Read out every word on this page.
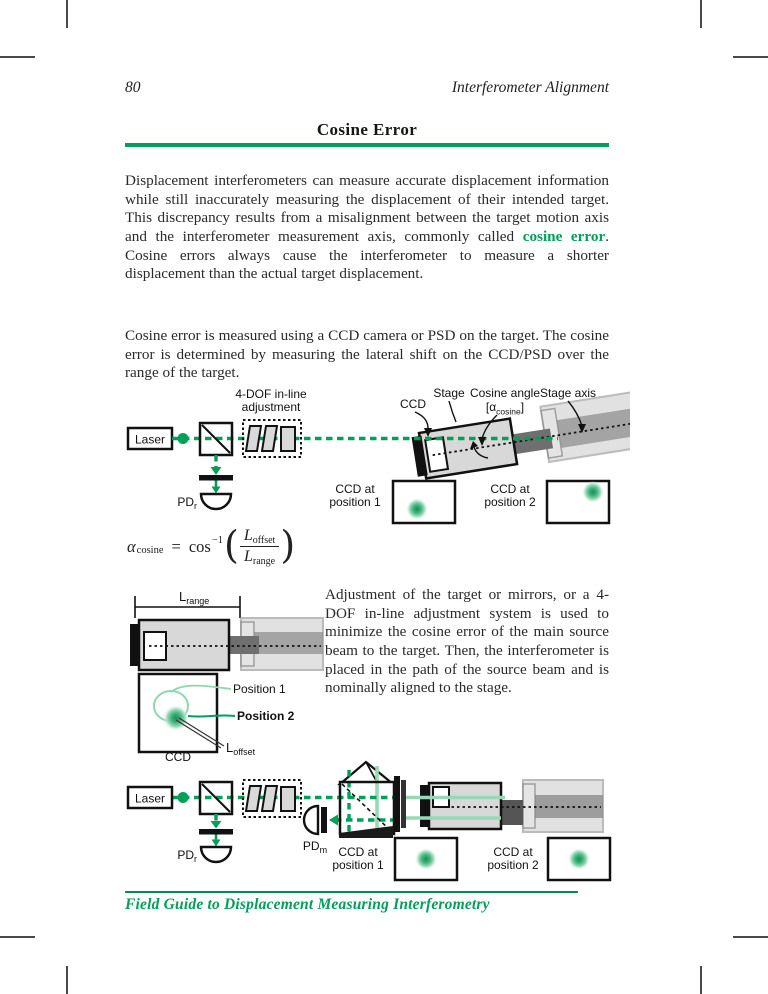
80	Interferometer Alignment
Cosine Error

Displacement interferometers can measure accurate displacement information while still inaccurately measuring the displacement of their intended target. This discrepancy results from a misalignment between the target motion axis and the interferometer measurement axis, commonly called cosine error. Cosine errors always cause the interferometer to measure a shorter displacement than the actual target displacement.

Cosine error is measured using a CCD camera or PSD on the target. The cosine error is determined by measuring the lateral shift on the CCD/PSD over the range of the target.

CCD at
position 1
CCD at
position 2
Laser
$PD_r$
4-DOF in-line
adjustment	CCD
Stage Cosine angle
$[\alpha_{cosine}]$
Stage axis
α cosine = cos −1 ( Loffset
Lrange )
$L_{range}$
Position 1
Position 2
$L_{offset}$
CCD

Adjustment of the target or mirrors, or a 4-DOF in-line adjustment system is used to minimize the cosine error of the main source beam to the target. Then, the interferometer is placed in the path of the source beam and is nominally aligned to the stage.

Laser
$PD_r$
$PD_m$ CCD at
position 1
CCD at
position 2
Field Guide to Displacement Measuring Interferometry
